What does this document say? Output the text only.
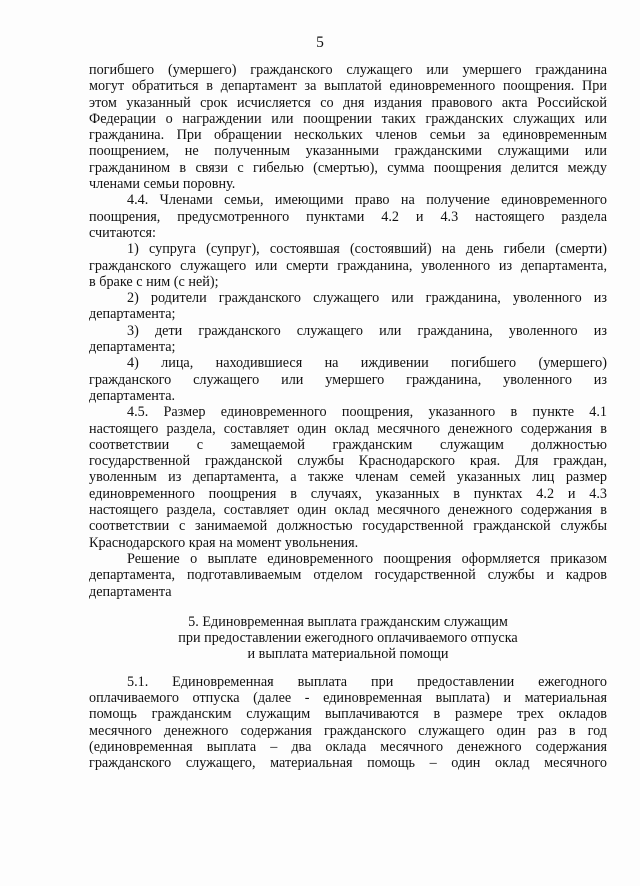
5
погибшего (умершего) гражданского служащего или умершего гражданина
могут обратиться в департамент за выплатой единовременного поощрения. При
этом указанный срок исчисляется со дня издания правового акта Российской
Федерации о награждении или поощрении таких гражданских служащих или
гражданина. При обращении нескольких членов семьи за единовременным
поощрением, не полученным указанными гражданскими служащими или
гражданином в связи с гибелью (смертью), сумма поощрения делится между
членами семьи поровну.
4.4. Членами семьи, имеющими право на получение единовременного
поощрения, предусмотренного пунктами 4.2 и 4.3 настоящего раздела
считаются:
1) супруга (супруг), состоявшая (состоявший) на день гибели (смерти)
гражданского служащего или смерти гражданина, уволенного из департамента,
в браке с ним (с ней);
2) родители гражданского служащего или гражданина, уволенного из
департамента;
3) дети гражданского служащего или гражданина, уволенного из
департамента;
4) лица, находившиеся на иждивении погибшего (умершего)
гражданского служащего или умершего гражданина, уволенного из
департамента.
4.5. Размер единовременного поощрения, указанного в пункте 4.1
настоящего раздела, составляет один оклад месячного денежного содержания в
соответствии с замещаемой гражданским служащим должностью
государственной гражданской службы Краснодарского края. Для граждан,
уволенным из департамента, а также членам семей указанных лиц размер
единовременного поощрения в случаях, указанных в пунктах 4.2 и 4.3
настоящего раздела, составляет один оклад месячного денежного содержания в
соответствии с занимаемой должностью государственной гражданской службы
Краснодарского края на момент увольнения.
Решение о выплате единовременного поощрения оформляется приказом
департамента, подготавливаемым отделом государственной службы и кадров
департамента
5. Единовременная выплата гражданским служащим
при предоставлении ежегодного оплачиваемого отпуска
и выплата материальной помощи
5.1. Единовременная выплата при предоставлении ежегодного
оплачиваемого отпуска (далее - единовременная выплата) и материальная
помощь гражданским служащим выплачиваются в размере трех окладов
месячного денежного содержания гражданского служащего один раз в год
(единовременная выплата – два оклада месячного денежного содержания
гражданского служащего, материальная помощь – один оклад месячного
